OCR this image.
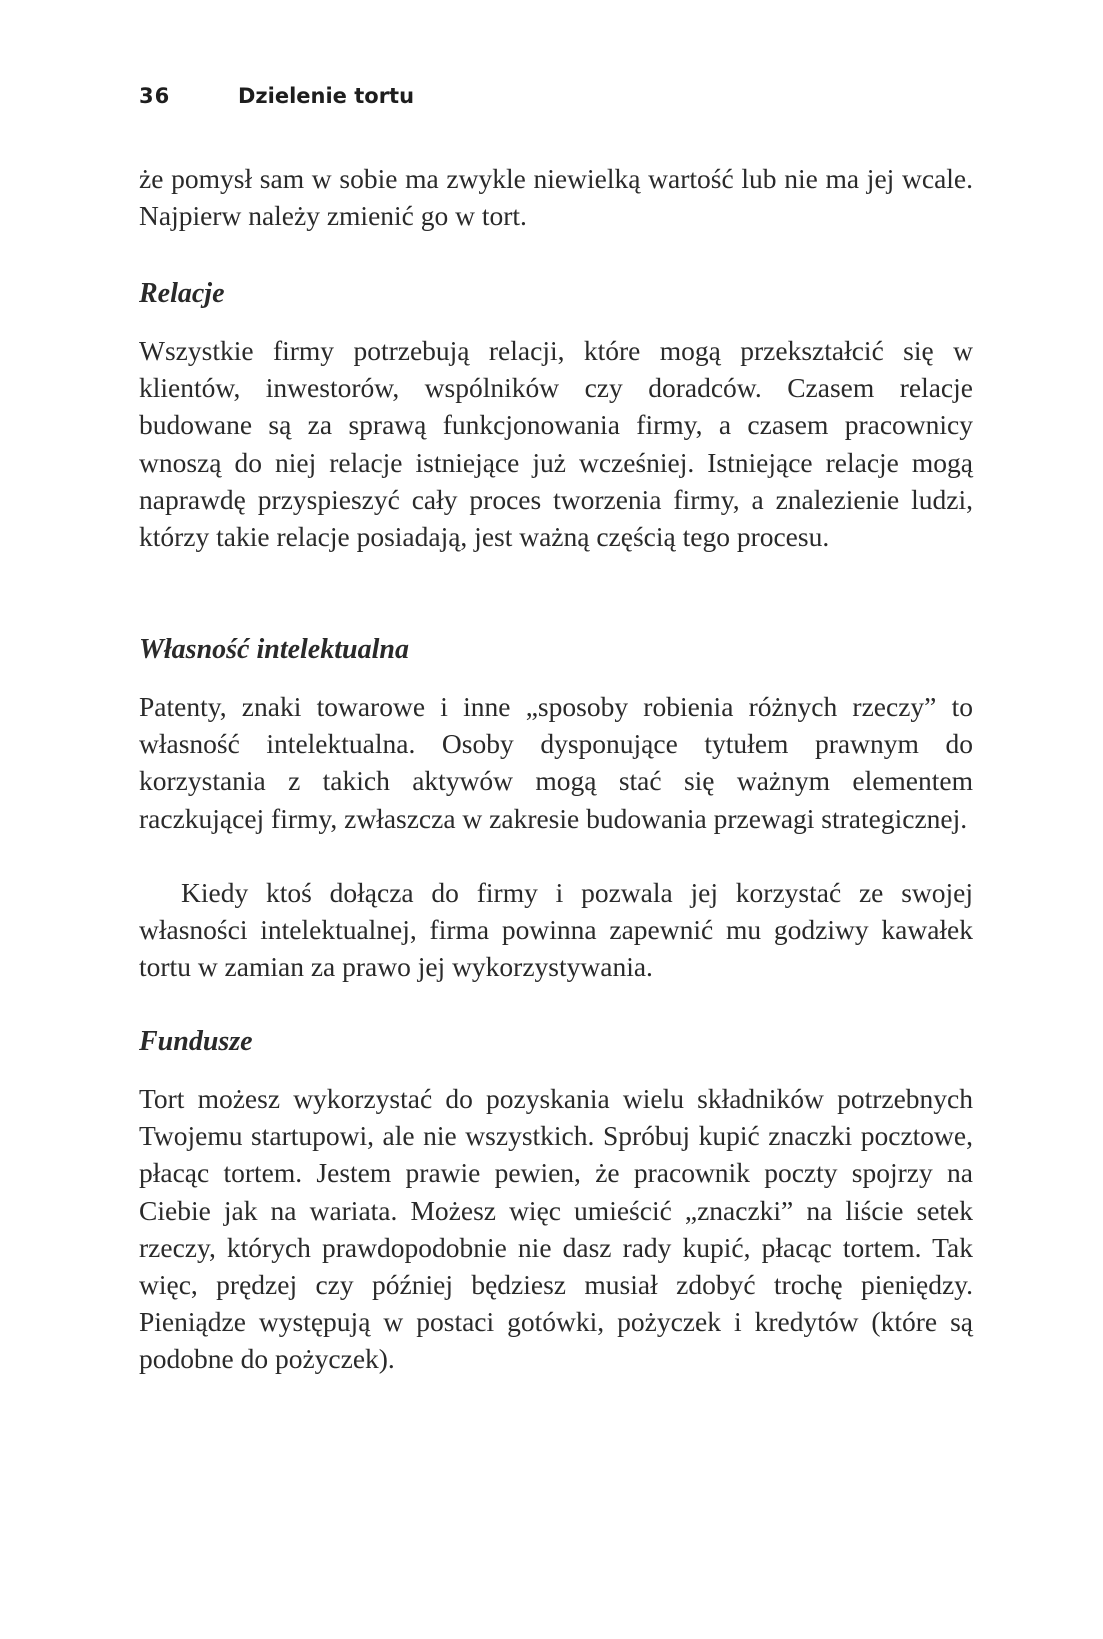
36	Dzielenie tortu

że pomysł sam w sobie ma zwykle niewielką wartość lub nie ma jej wcale. Najpierw należy zmienić go w tort.

Relacje

Wszystkie firmy potrzebują relacji, które mogą przekształcić się w klientów, inwestorów, wspólników czy doradców. Czasem relacje budowane są za sprawą funkcjonowania firmy, a czasem pracownicy wnoszą do niej relacje istniejące już wcześniej. Istniejące relacje mogą naprawdę przyspieszyć cały proces tworzenia firmy, a znalezienie ludzi, którzy takie relacje posiadają, jest ważną częścią tego procesu.

Własność intelektualna

Patenty, znaki towarowe i inne „sposoby robienia różnych rzeczy” to własność intelektualna. Osoby dysponujące tytułem prawnym do korzystania z takich aktywów mogą stać się ważnym elementem raczkującej firmy, zwłaszcza w zakresie budowania przewagi strategicznej.

Kiedy ktoś dołącza do firmy i pozwala jej korzystać ze swojej własności intelektualnej, firma powinna zapewnić mu godziwy kawałek tortu w zamian za prawo jej wykorzystywania.

Fundusze

Tort możesz wykorzystać do pozyskania wielu składników potrzebnych Twojemu startupowi, ale nie wszystkich. Spróbuj kupić znaczki pocztowe, płacąc tortem. Jestem prawie pewien, że pracownik poczty spojrzy na Ciebie jak na wariata. Możesz więc umieścić „znaczki” na liście setek rzeczy, których prawdopodobnie nie dasz rady kupić, płacąc tortem. Tak więc, prędzej czy później będziesz musiał zdobyć trochę pieniędzy. Pieniądze występują w postaci gotówki, pożyczek i kredytów (które są podobne do pożyczek).
